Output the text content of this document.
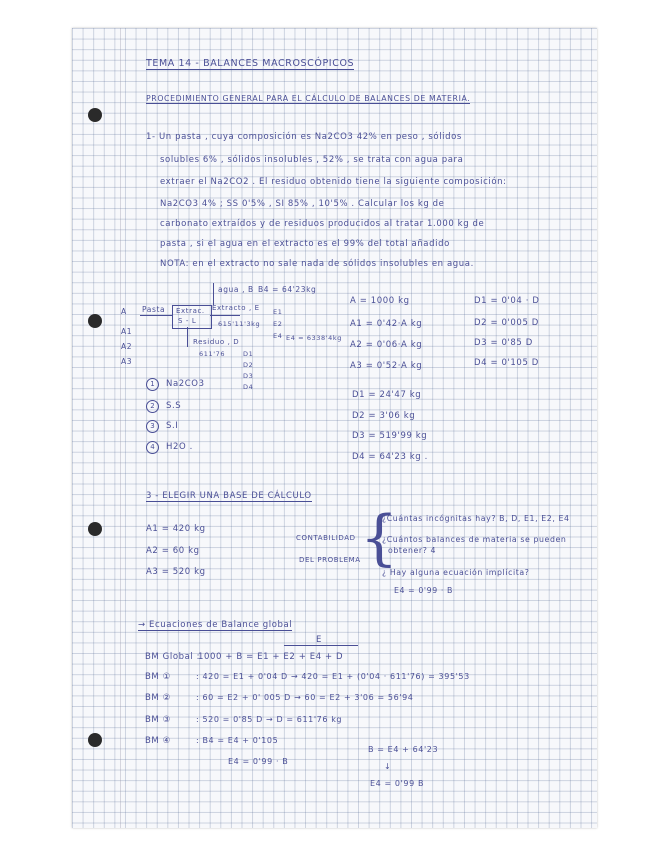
TEMA 14 - BALANCES MACROSCÓPICOS
PROCEDIMIENTO GENERAL PARA EL CÁLCULO DE BALANCES DE MATERIA.
1- Un pasta , cuya composición es Na2CO3 42% en peso , sólidos
solubles 6% , sólidos insolubles , 52% , se trata con agua para
extraer el Na2CO2 . El residuo obtenido tiene la siguiente composición:
Na2CO3 4% ; SS 0'5% , SI 85% , 10'5% . Calcular los kg de
carbonato extraídos y de residuos producidos al tratar 1.000 kg de
pasta , si el agua en el extracto es el 99% del total añadido
NOTA: en el extracto no sale nada de sólidos insolubles en agua.
agua , B B4 = 64'23kg
Pasta Extrac.
S - L
Extracto , E
615'11'3kg
E1
E2
E4 E4 = 6338'4kg
Residuo , D
611'76	D1
D2
D3
D4
A
A1
A2
A3
1	Na2CO3
2	S.S
3	S.I
4	H2O .
A = 1000 kg
A1 = 0'42·A kg
A2 = 0'06·A kg
A3 = 0'52·A kg
D1 = 0'04 · D
D2 = 0'005 D
D3 = 0'85 D
D4 = 0'105 D
D1 = 24'47 kg
D2 = 3'06 kg
D3 = 519'99 kg
D4 = 64'23 kg .
3 - ELEGIR UNA BASE DE CÁLCULO
A1 = 420 kg
A2 = 60 kg
A3 = 520 kg
CONTABILIDAD
DEL PROBLEMA {
¿Cuántas incógnitas hay? B, D, E1, E2, E4
¿Cuántos balances de materia se pueden
obtener? 4
¿ Hay alguna ecuación implícita?
E4 = 0'99 · B
→ Ecuaciones de Balance global
E
BM Global :
1000 + B = E1 + E2 + E4 + D
BM ①	: 420 = E1 + 0'04 D → 420 = E1 + (0'04 · 611'76) = 395'53
BM ②	: 60 = E2 + 0' 005 D → 60 = E2 + 3'06 = 56'94
BM ③	: 520 = 0'85 D → D = 611'76 kg
BM ④	: B4 = E4 + 0'105
E4 = 0'99 · B
B = E4 + 64'23
↓
E4 = 0'99 B
